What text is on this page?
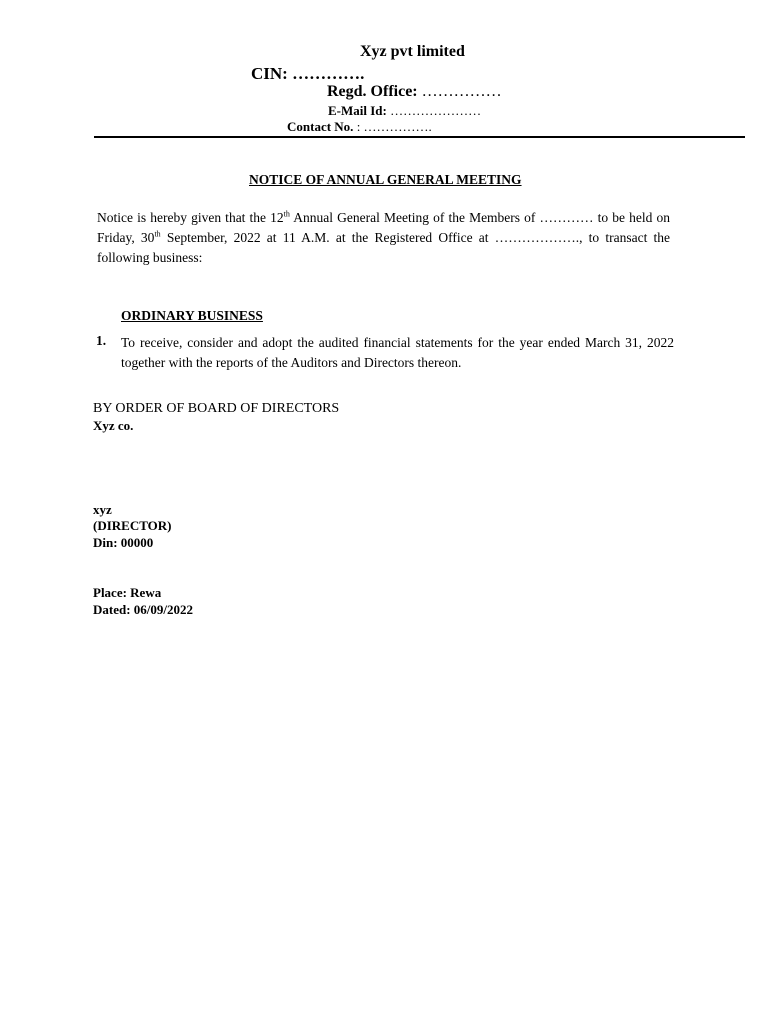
Xyz pvt limited
CIN: ………….
Regd. Office: ……………
E-Mail Id: …………………
Contact No. : …………….
NOTICE OF ANNUAL GENERAL MEETING
Notice is hereby given that the 12th Annual General Meeting of the Members of ………… to be held on Friday, 30th September, 2022 at 11 A.M. at the Registered Office at ………………., to transact the following business:
ORDINARY BUSINESS
1. To receive, consider and adopt the audited financial statements for the year ended March 31, 2022 together with the reports of the Auditors and Directors thereon.
BY ORDER OF BOARD OF DIRECTORS
Xyz co.
xyz
(DIRECTOR)
Din: 00000
Place: Rewa
Dated: 06/09/2022
